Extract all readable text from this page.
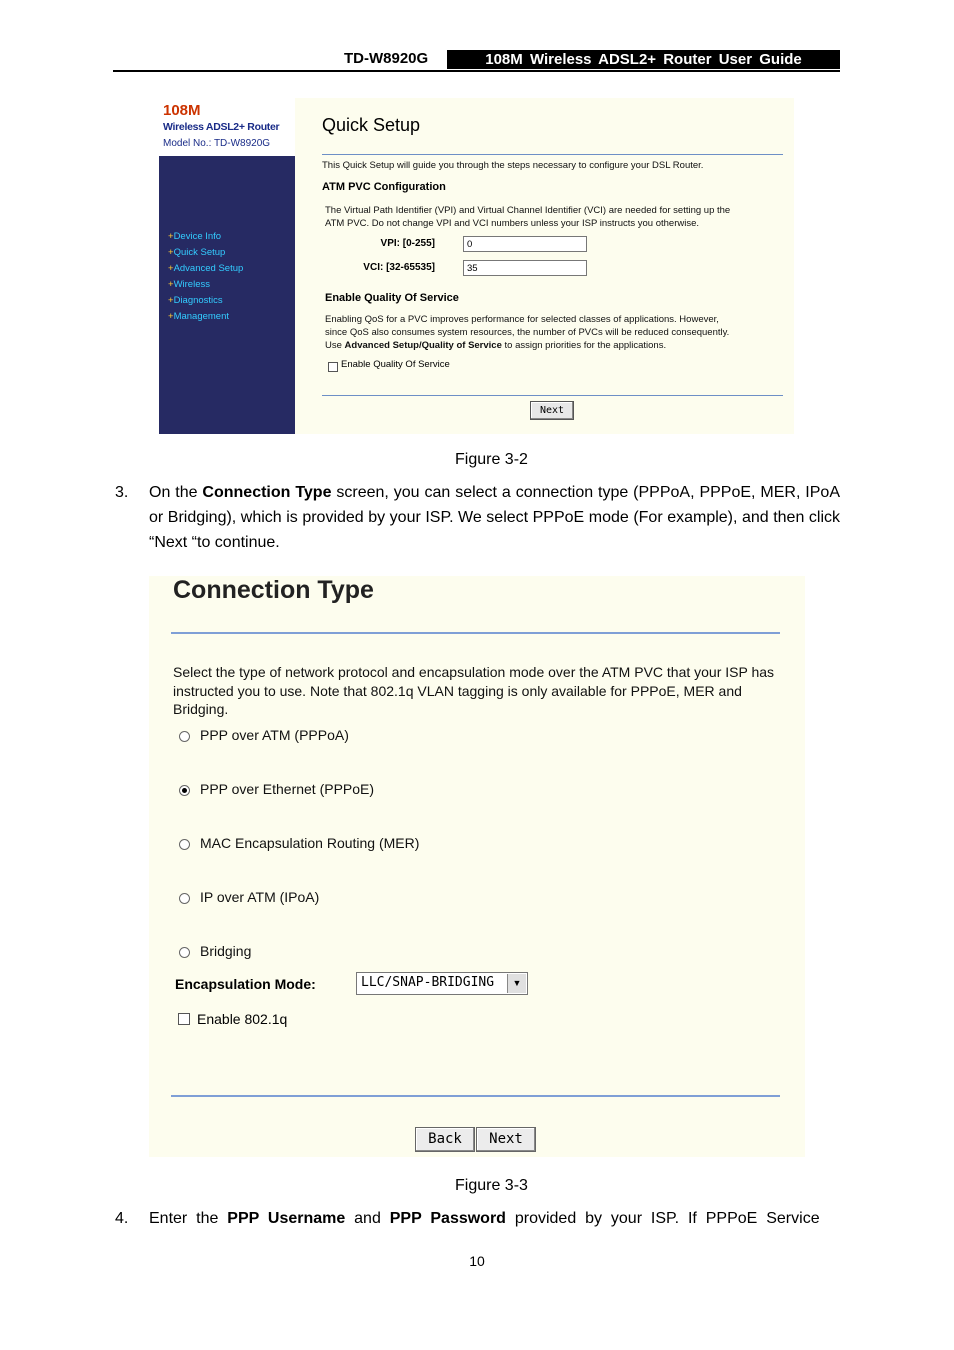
TD-W8920G	108M Wireless ADSL2+ Router User Guide
108M
Wireless ADSL2+ Router
Model No.: TD-W8920G
+Device Info
+Quick Setup
+Advanced Setup
+Wireless
+Diagnostics
+Management
Quick Setup
This Quick Setup will guide you through the steps necessary to configure your DSL Router.
ATM PVC Configuration
The Virtual Path Identifier (VPI) and Virtual Channel Identifier (VCI) are needed for setting up the
ATM PVC. Do not change VPI and VCI numbers unless your ISP instructs you otherwise.
VPI: [0-255]	0
VCI: [32-65535]	35
Enable Quality Of Service
Enabling QoS for a PVC improves performance for selected classes of applications. However,
since QoS also consumes system resources, the number of PVCs will be reduced consequently.
Use Advanced Setup/Quality of Service to assign priorities for the applications.
Enable Quality Of Service
Next
Figure 3-2
3. On the Connection Type screen, you can select a connection type (PPPoA, PPPoE, MER, IPoA or Bridging), which is provided by your ISP. We select PPPoE mode (For example), and then click “Next “to continue.
Connection Type
Select the type of network protocol and encapsulation mode over the ATM PVC that your ISP has instructed you to use. Note that 802.1q VLAN tagging is only available for PPPoE, MER and Bridging.
PPP over ATM (PPPoA)
PPP over Ethernet (PPPoE)
MAC Encapsulation Routing (MER)
IP over ATM (IPoA)
Bridging
Encapsulation Mode:	LLC/SNAP-BRIDGING	▼
Enable 802.1q
Back	Next
Figure 3-3
4. Enter  the  PPP  Username  and  PPP  Password  provided  by  your  ISP.  If  PPPoE  Service
10
